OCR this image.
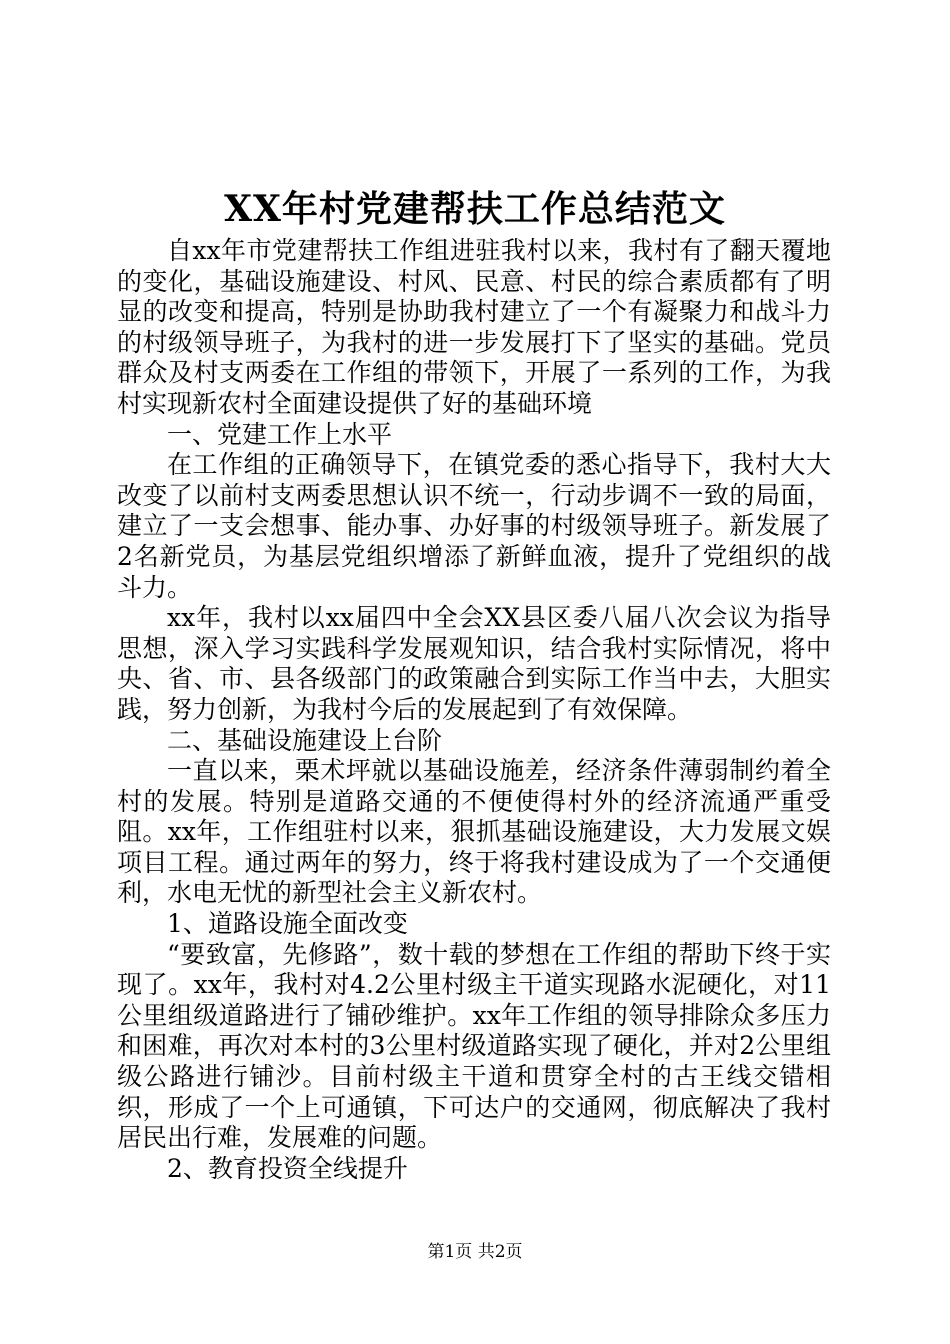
XX年村党建帮扶工作总结范文

自xx年市党建帮扶工作组进驻我村以来，我村有了翻天覆地的变化，基础设施建设、村风、民意、村民的综合素质都有了明显的改变和提高，特别是协助我村建立了一个有凝聚力和战斗力的村级领导班子，为我村的进一步发展打下了坚实的基础。党员群众及村支两委在工作组的带领下，开展了一系列的工作，为我村实现新农村全面建设提供了好的基础环境

一、党建工作上水平

在工作组的正确领导下，在镇党委的悉心指导下，我村大大改变了以前村支两委思想认识不统一，行动步调不一致的局面，建立了一支会想事、能办事、办好事的村级领导班子。新发展了2名新党员，为基层党组织增添了新鲜血液，提升了党组织的战斗力。

xx年，我村以xx届四中全会XX县区委八届八次会议为指导思想，深入学习实践科学发展观知识，结合我村实际情况，将中央、省、市、县各级部门的政策融合到实际工作当中去，大胆实践，努力创新，为我村今后的发展起到了有效保障。

二、基础设施建设上台阶

一直以来，栗术坪就以基础设施差，经济条件薄弱制约着全村的发展。特别是道路交通的不便使得村外的经济流通严重受阻。xx年，工作组驻村以来，狠抓基础设施建设，大力发展文娱项目工程。通过两年的努力，终于将我村建设成为了一个交通便利，水电无忧的新型社会主义新农村。

1、道路设施全面改变

“要致富，先修路”，数十载的梦想在工作组的帮助下终于实现了。xx年，我村对4.2公里村级主干道实现路水泥硬化，对11公里组级道路进行了铺砂维护。xx年工作组的领导排除众多压力和困难，再次对本村的3公里村级道路实现了硬化，并对2公里组级公路进行铺沙。目前村级主干道和贯穿全村的古王线交错相织，形成了一个上可通镇，下可达户的交通网，彻底解决了我村居民出行难，发展难的问题。

2、教育投资全线提升

第1页 共2页
